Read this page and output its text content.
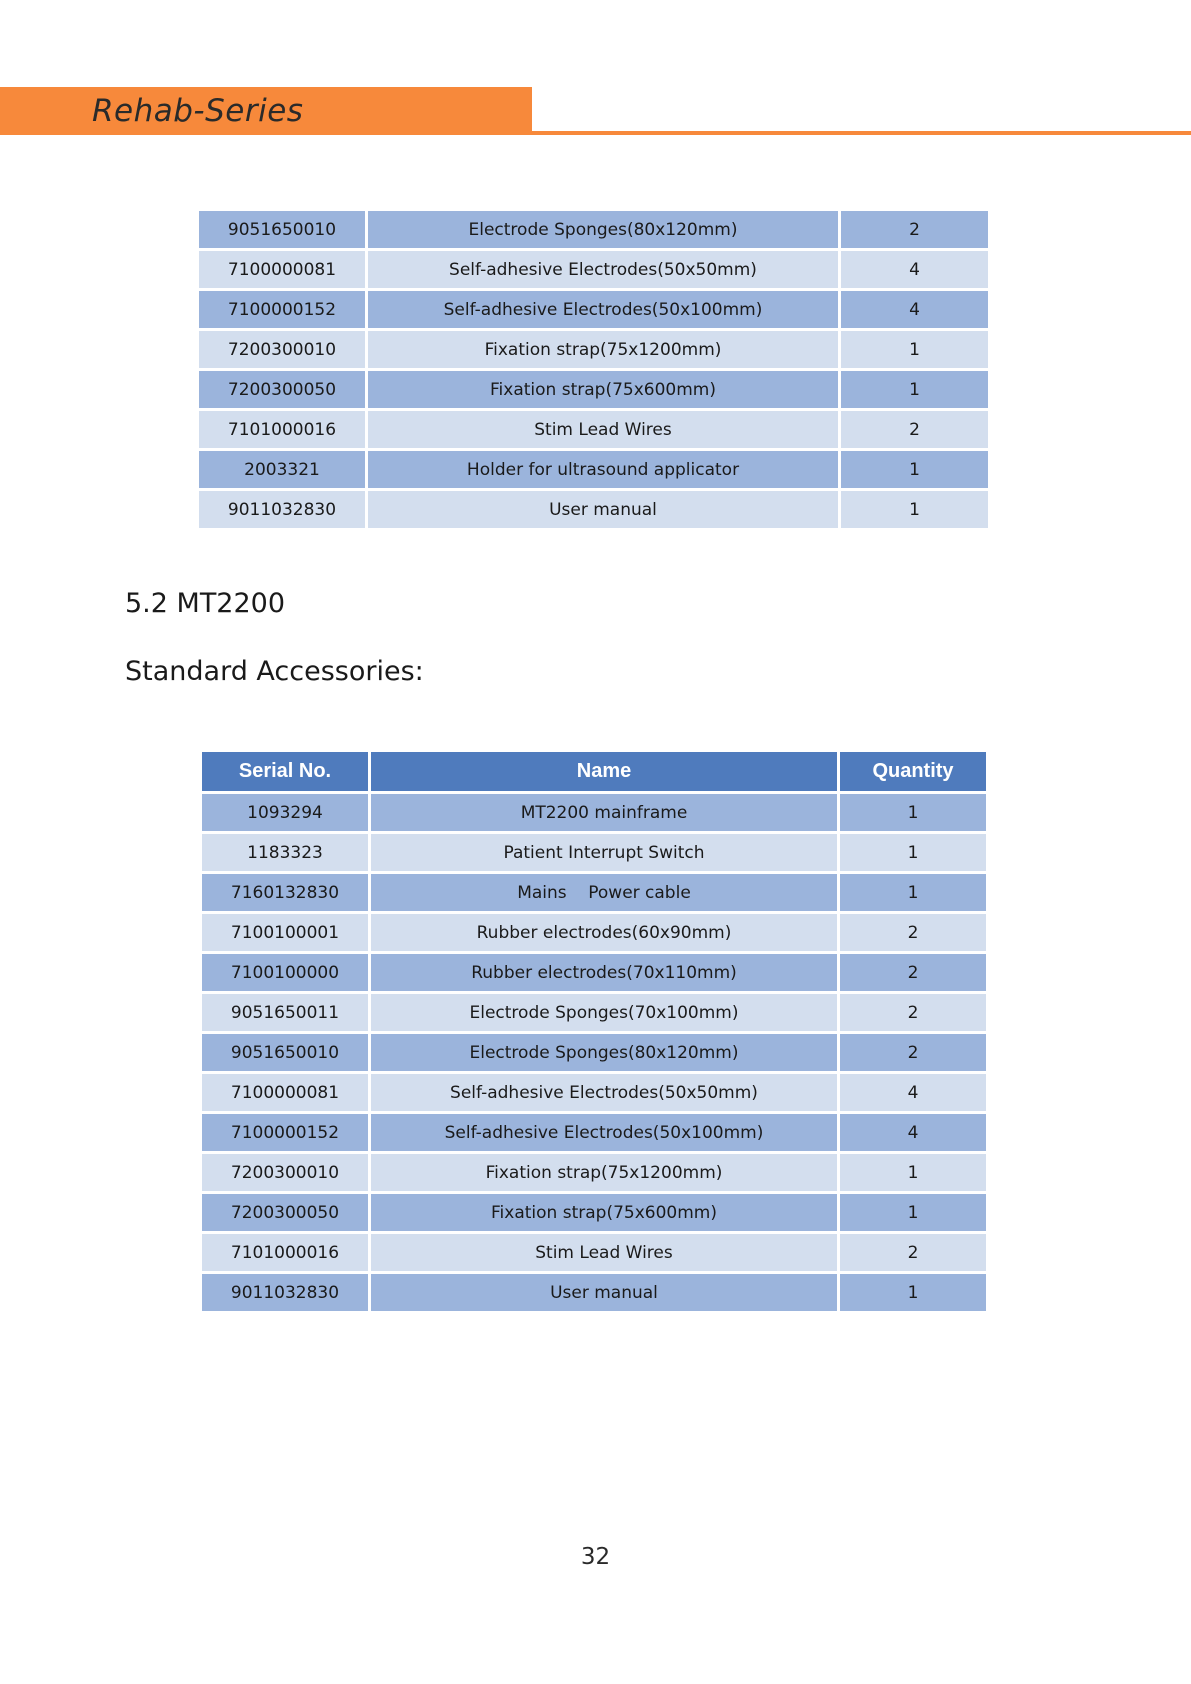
Rehab-Series
9051650010	Electrode Sponges(80x120mm)	2
7100000081	Self-adhesive Electrodes(50x50mm)	4
7100000152	Self-adhesive Electrodes(50x100mm)	4
7200300010	Fixation strap(75x1200mm)	1
7200300050	Fixation strap(75x600mm)	1
7101000016	Stim Lead Wires	2
2003321	Holder for ultrasound applicator	1
9011032830	User manual	1
5.2 MT2200
Standard Accessories:
Serial No.	Name	Quantity
1093294	MT2200 mainframe	1
1183323	Patient Interrupt Switch	1
7160132830	Mains    Power cable	1
7100100001	Rubber electrodes(60x90mm)	2
7100100000	Rubber electrodes(70x110mm)	2
9051650011	Electrode Sponges(70x100mm)	2
9051650010	Electrode Sponges(80x120mm)	2
7100000081	Self-adhesive Electrodes(50x50mm)	4
7100000152	Self-adhesive Electrodes(50x100mm)	4
7200300010	Fixation strap(75x1200mm)	1
7200300050	Fixation strap(75x600mm)	1
7101000016	Stim Lead Wires	2
9011032830	User manual	1
32
